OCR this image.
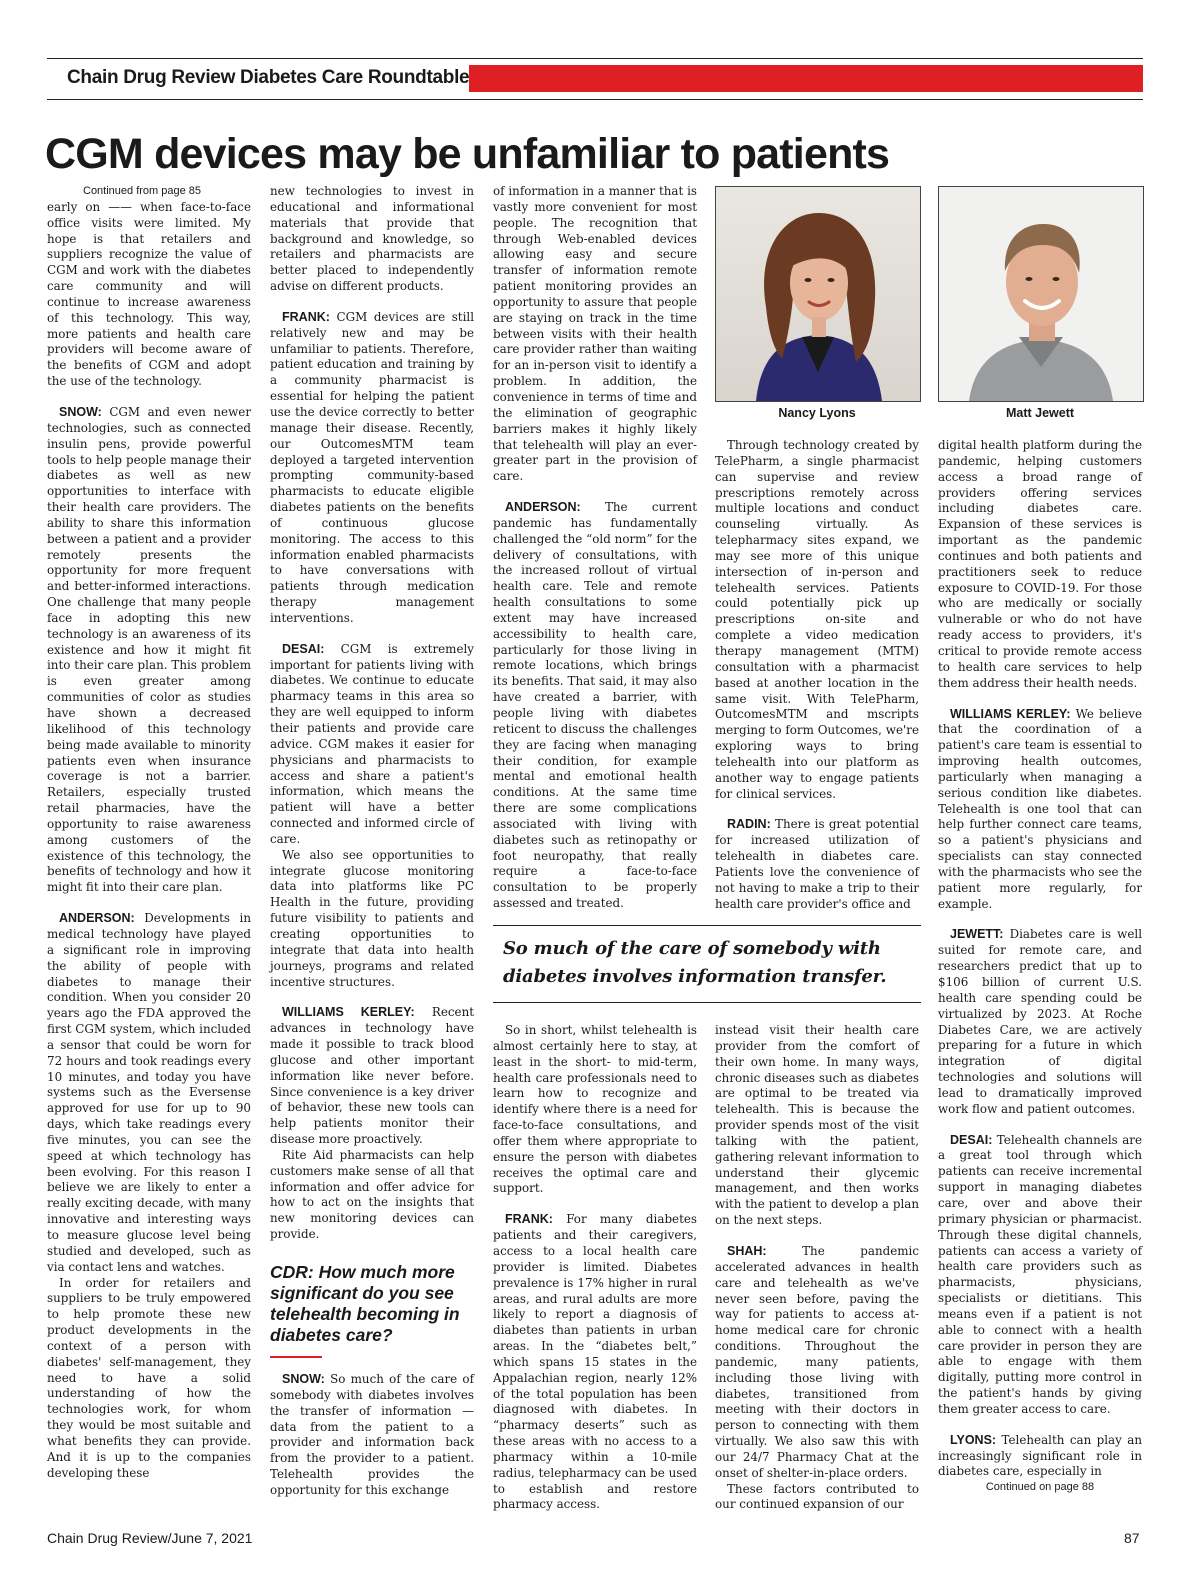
Chain Drug Review Diabetes Care Roundtable
CGM devices may be unfamiliar to patients
Continued from page 85

early on —— when face-to-face office visits were limited. My hope is that retailers and suppliers recognize the value of CGM and work with the diabetes care community and will continue to increase awareness of this technology. This way, more patients and health care providers will become aware of the benefits of CGM and adopt the use of the technology.

SNOW: CGM and even newer technologies, such as connected insulin pens, provide powerful tools to help people manage their diabetes as well as new opportunities to interface with their health care providers. The ability to share this information between a patient and a provider remotely presents the opportunity for more frequent and better-informed interactions. One challenge that many people face in adopting this new technology is an awareness of its existence and how it might fit into their care plan. This problem is even greater among communities of color as studies have shown a decreased likelihood of this technology being made available to minority patients even when insurance coverage is not a barrier. Retailers, especially trusted retail pharmacies, have the opportunity to raise awareness among customers of the existence of this technology, the benefits of technology and how it might fit into their care plan.

ANDERSON: Developments in medical technology have played a significant role in improving the ability of people with diabetes to manage their condition. When you consider 20 years ago the FDA approved the first CGM system, which included a sensor that could be worn for 72 hours and took readings every 10 minutes, and today you have systems such as the Eversense approved for use for up to 90 days, which take readings every five minutes, you can see the speed at which technology has been evolving. For this reason I believe we are likely to enter a really exciting decade, with many innovative and interesting ways to measure glucose level being studied and developed, such as via contact lens and watches.

In order for retailers and suppliers to be truly empowered to help promote these new product developments in the context of a person with diabetes' self-management, they need to have a solid understanding of how the technologies work, for whom they would be most suitable and what benefits they can provide. And it is up to the companies developing these

new technologies to invest in educational and informational materials that provide that background and knowledge, so retailers and pharmacists are better placed to independently advise on different products.

FRANK: CGM devices are still relatively new and may be unfamiliar to patients. Therefore, patient education and training by a community pharmacist is essential for helping the patient use the device correctly to better manage their disease. Recently, our OutcomesMTM team deployed a targeted intervention prompting community-based pharmacists to educate eligible diabetes patients on the benefits of continuous glucose monitoring. The access to this information enabled pharmacists to have conversations with patients through medication therapy management interventions.

DESAI: CGM is extremely important for patients living with diabetes. We continue to educate pharmacy teams in this area so they are well equipped to inform their patients and provide care advice. CGM makes it easier for physicians and pharmacists to access and share a patient's information, which means the patient will have a better connected and informed circle of care.

We also see opportunities to integrate glucose monitoring data into platforms like PC Health in the future, providing future visibility to patients and creating opportunities to integrate that data into health journeys, programs and related incentive structures.

WILLIAMS KERLEY: Recent advances in technology have made it possible to track blood glucose and other important information like never before. Since convenience is a key driver of behavior, these new tools can help patients monitor their disease more proactively.

Rite Aid pharmacists can help customers make sense of all that information and offer advice for how to act on the insights that new monitoring devices can provide.

CDR: How much more significant do you see telehealth becoming in diabetes care?

SNOW: So much of the care of somebody with diabetes involves the transfer of information — data from the patient to a provider and information back from the provider to a patient. Telehealth provides the opportunity for this exchange

of information in a manner that is vastly more convenient for most people. The recognition that through Web-enabled devices allowing easy and secure transfer of information remote patient monitoring provides an opportunity to assure that people are staying on track in the time between visits with their health care provider rather than waiting for an in-person visit to identify a problem. In addition, the convenience in terms of time and the elimination of geographic barriers makes it highly likely that telehealth will play an ever-greater part in the provision of care.

ANDERSON: The current pandemic has fundamentally challenged the “old norm” for the delivery of consultations, with the increased rollout of virtual health care. Tele and remote health consultations to some extent may have increased accessibility to health care, particularly for those living in remote locations, which brings its benefits. That said, it may also have created a barrier, with people living with diabetes reticent to discuss the challenges they are facing when managing their condition, for example mental and emotional health conditions. At the same time there are some complications associated with living with diabetes such as retinopathy or foot neuropathy, that really require a face-to-face consultation to be properly assessed and treated.

Nancy Lyons	Matt Jewett

Through technology created by TelePharm, a single pharmacist can supervise and review prescriptions remotely across multiple locations and conduct counseling virtually. As telepharmacy sites expand, we may see more of this unique intersection of in-person and telehealth services. Patients could potentially pick up prescriptions on-site and complete a video medication therapy management (MTM) consultation with a pharmacist based at another location in the same visit. With TelePharm, OutcomesMTM and mscripts merging to form Outcomes, we're exploring ways to bring telehealth into our platform as another way to engage patients for clinical services.

RADIN: There is great potential for increased utilization of telehealth in diabetes care. Patients love the convenience of not having to make a trip to their health care provider's office and

So much of the care of somebody with diabetes involves information transfer.

So in short, whilst telehealth is almost certainly here to stay, at least in the short- to mid-term, health care professionals need to learn how to recognize and identify where there is a need for face-to-face consultations, and offer them where appropriate to ensure the person with diabetes receives the optimal care and support.

FRANK: For many diabetes patients and their caregivers, access to a local health care provider is limited. Diabetes prevalence is 17% higher in rural areas, and rural adults are more likely to report a diagnosis of diabetes than patients in urban areas. In the “diabetes belt,” which spans 15 states in the Appalachian region, nearly 12% of the total population has been diagnosed with diabetes. In “pharmacy deserts” such as these areas with no access to a pharmacy within a 10-mile radius, telepharmacy can be used to establish and restore pharmacy access.

instead visit their health care provider from the comfort of their own home. In many ways, chronic diseases such as diabetes are optimal to be treated via telehealth. This is because the provider spends most of the visit talking with the patient, gathering relevant information to understand their glycemic management, and then works with the patient to develop a plan on the next steps.

SHAH:	The pandemic accelerated advances in health care and telehealth as we've never seen before, paving the way for patients to access at-home medical care for chronic conditions. Throughout the pandemic, many patients, including those living with diabetes, transitioned from meeting with their doctors in person to connecting with them virtually. We also saw this with our 24/7 Pharmacy Chat at the onset of shelter-in-place orders.

These factors contributed to our continued expansion of our

digital health platform during the pandemic, helping customers access a broad range of providers offering services including diabetes care. Expansion of these services is important as the pandemic continues and both patients and practitioners seek to reduce exposure to COVID-19. For those who are medically or socially vulnerable or who do not have ready access to providers, it's critical to provide remote access to health care services to help them address their health needs.

WILLIAMS KERLEY: We believe that the coordination of a patient's care team is essential to improving health outcomes, particularly when managing a serious condition like diabetes. Telehealth is one tool that can help further connect care teams, so a patient's physicians and specialists can stay connected with the pharmacists who see the patient more regularly, for example.

JEWETT: Diabetes care is well suited for remote care, and researchers predict that up to $106 billion of current U.S. health care spending could be virtualized by 2023. At Roche Diabetes Care, we are actively preparing for a future in which integration of digital technologies and solutions will lead to dramatically improved work flow and patient outcomes.

DESAI: Telehealth channels are a great tool through which patients can receive incremental support in managing diabetes care, over and above their primary physician or pharmacist. Through these digital channels, patients can access a variety of health care providers such as pharmacists, physicians, specialists or dietitians. This means even if a patient is not able to connect with a health care provider in person they are able to engage with them digitally, putting more control in the patient's hands by giving them greater access to care.

LYONS: Telehealth can play an increasingly significant role in diabetes care, especially in

Continued on page 88
Chain Drug Review/June 7, 2021	87
